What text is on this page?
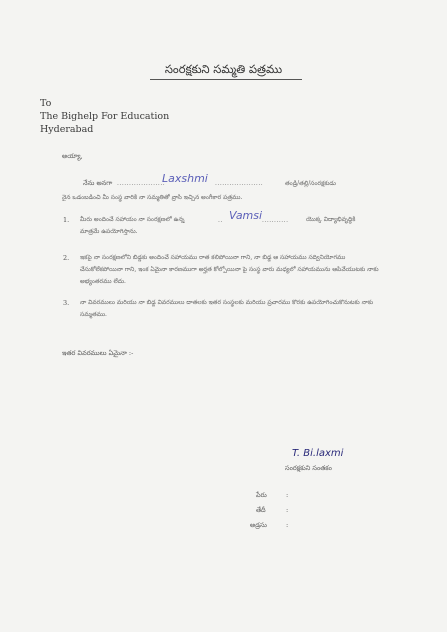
సంరక్షకుని సమ్మతి పత్రము
To
The Bighelp For Education
Hyderabad
అయ్యా,
నేను అనగా ....................
Laxshmi ....................	తండ్రి/తల్లి/సంరక్షకుడు
నైన ఒడంబడించి మీ సంస్థ వారికి నా సమ్మతితో వ్రాసి ఇచ్చిన అంగీకార పత్రము.
1. మీరు అందించే సహాయం నా సంరక్షణలో ఉన్న	.. Vamsi ...........	యొక్క విద్యాభివృద్ధికి
మాత్రమే ఉపయోగిస్తాను.
2. ఇకపై నా సంరక్షణలోని బిడ్డకు అందించే సహాయము రాత కలిపోయినా గాని, నా బిడ్డ ఆ సహాయము సద్వినియోగము చేసుకోలేకపోయినా గాని, ఇంక ఏమైనా కారణముగా అర్హత కోల్పోయినా పై సంస్థ వారు మధ్యలో సహాయమును ఆపివేయుటకు నాకు అభ్యంతరము లేదు.
3. నా వివరములు మరియు నా బిడ్డ వివరములు దాతలకు ఇతర సంస్థలకు మరియు ప్రచారము కొరకు ఉపయోగించుకొనుటకు నాకు సమ్మతము.
ఇతర వివరములు ఏమైనా :-
T. Bi.laxmi
సంరక్షకుని సంతకం
పేరు	:
తేదీ	:
అడ్రసు	:
